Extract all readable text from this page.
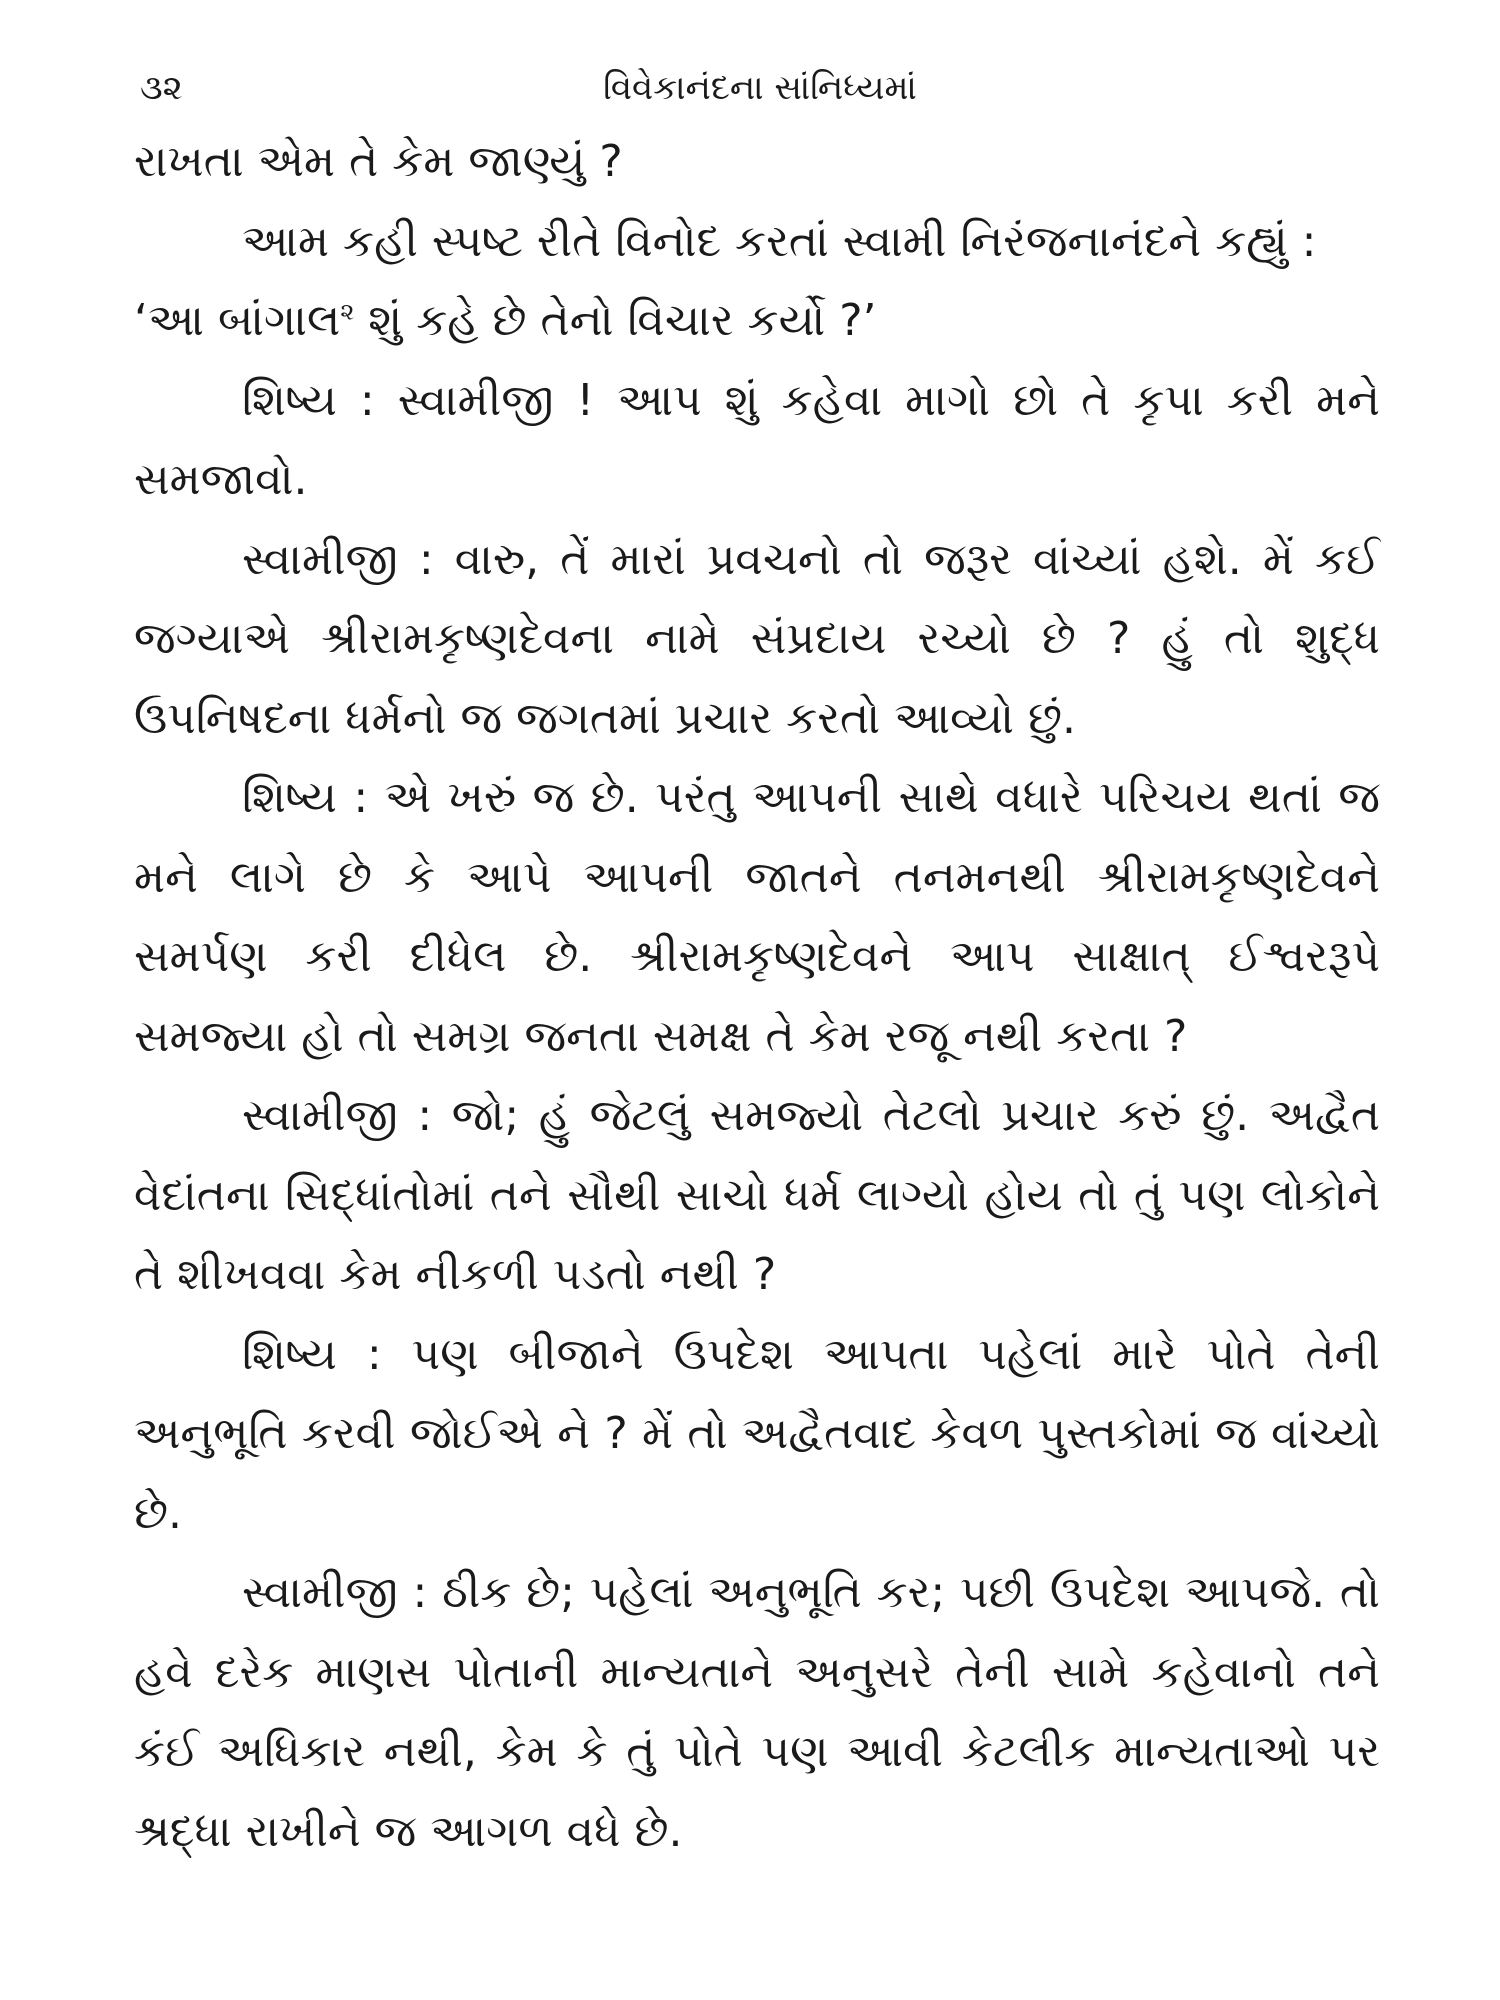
૩૨	વિવેકાનંદના સાંનિધ્યમાં

રાખતા એમ તે કેમ જાણ્યું ?

આમ કહી સ્પષ્ટ રીતે વિનોદ કરતાં સ્વામી નિરંજનાનંદને કહ્યું :

‘આ બાંગાલ$^૨$ શું કહે છે તેનો વિચાર કર્યો ?’

શિષ્ય : સ્વામીજી ! આપ શું કહેવા માગો છો તે કૃપા કરી મને સમજાવો.

સ્વામીજી : વારુ, તેં મારાં પ્રવચનો તો જરૂર વાંચ્યાં હશે. મેં કઈ જગ્યાએ શ્રીરામકૃષ્ણદેવના નામે સંપ્રદાય રચ્યો છે ? હું તો શુદ્ધ ઉપનિષદના ધર્મનો જ જગતમાં પ્રચાર કરતો આવ્યો છું.

શિષ્ય : એ ખરું જ છે. પરંતુ આપની સાથે વધારે પરિચય થતાં જ મને લાગે છે કે આપે આપની જાતને તનમનથી શ્રીરામકૃષ્ણદેવને સમર્પણ કરી દીધેલ છે. શ્રીરામકૃષ્ણદેવને આપ સાક્ષાત્ ઈશ્વરરૂપે સમજ્યા હો તો સમગ્ર જનતા સમક્ષ તે કેમ રજૂ નથી કરતા ?

સ્વામીજી : જો; હું જેટલું સમજ્યો તેટલો પ્રચાર કરું છું. અદ્વૈત વેદાંતના સિદ્ધાંતોમાં તને સૌથી સાચો ધર્મ લાગ્યો હોય તો તું પણ લોકોને તે શીખવવા કેમ નીકળી પડતો નથી ?

શિષ્ય : પણ બીજાને ઉપદેશ આપતા પહેલાં મારે પોતે તેની અનુભૂતિ કરવી જોઈએ ને ? મેં તો અદ્વૈતવાદ કેવળ પુસ્તકોમાં જ વાંચ્યો છે.

સ્વામીજી : ઠીક છે; પહેલાં અનુભૂતિ કર; પછી ઉપદેશ આપજે. તો હવે દરેક માણસ પોતાની માન્યતાને અનુસરે તેની સામે કહેવાનો તને કંઈ અધિકાર નથી, કેમ કે તું પોતે પણ આવી કેટલીક માન્યતાઓ પર શ્રદ્ધા રાખીને જ આગળ વધે છે.
